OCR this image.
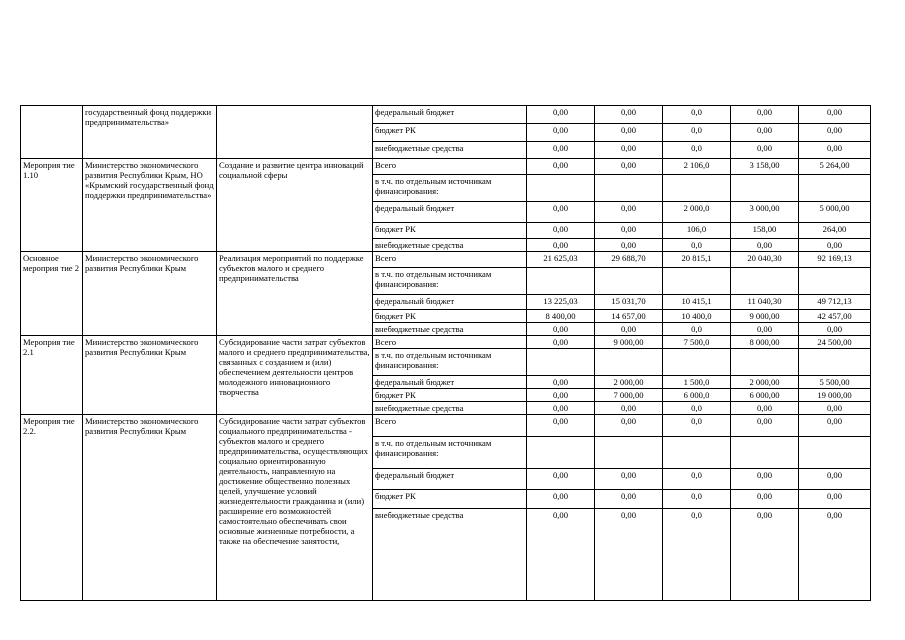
	государственный фонд поддержки предпринимательства»		федеральный бюджет	0,00	0,00	0,0	0,00	0,00
			бюджет РК	0,00	0,00	0,0	0,00	0,00
			внебюджетные средства	0,00	0,00	0,0	0,00	0,00
Мероприя тие 1.10	Министерство экономического развития Республики Крым, НО «Крымский государственный фонд поддержки предпринимательства»	Создание и развитие центра инноваций социальной сферы	Всего	0,00	0,00	2 106,0	3 158,00	5 264,00
			в т.ч. по отдельным источникам финансирования:					
			федеральный бюджет	0,00	0,00	2 000,0	3 000,00	5 000,00
			бюджет РК	0,00	0,00	106,0	158,00	264,00
			внебюджетные средства	0,00	0,00	0,0	0,00	0,00
Основное мероприя тие 2	Министерство экономического развития Республики Крым	Реализация мероприятий по поддержке субъектов малого и среднего предпринимательства	Всего	21 625,03	29 688,70	20 815,1	20 040,30	92 169,13
			в т.ч. по отдельным источникам финансирования:					
			федеральный бюджет	13 225,03	15 031,70	10 415,1	11 040,30	49 712,13
			бюджет РК	8 400,00	14 657,00	10 400,0	9 000,00	42 457,00
			внебюджетные средства	0,00	0,00	0,0	0,00	0,00
Мероприя тие 2.1	Министерство экономического развития Республики Крым	Субсидирование части затрат субъектов малого и среднего предпринимательства, связанных с созданием и (или) обеспечением деятельности центров молодежного инновационного творчества	Всего	0,00	9 000,00	7 500,0	8 000,00	24 500,00
			в т.ч. по отдельным источникам финансирования:					
			федеральный бюджет	0,00	2 000,00	1 500,0	2 000,00	5 500,00
			бюджет РК	0,00	7 000,00	6 000,0	6 000,00	19 000,00
			внебюджетные средства	0,00	0,00	0,0	0,00	0,00
Мероприя тие 2.2.	Министерство экономического развития Республики Крым	Субсидирование части затрат субъектов социального предпринимательства - субъектов малого и среднего предпринимательства, осуществляющих социально ориентированную деятельность, направленную на достижение общественно полезных целей, улучшение условий жизнедеятельности гражданина и (или) расширение его возможностей самостоятельно обеспечивать свои основные жизненные потребности, а также на обеспечение занятости,	Всего	0,00	0,00	0,0	0,00	0,00
			в т.ч. по отдельным источникам финансирования:					
			федеральный бюджет	0,00	0,00	0,0	0,00	0,00
			бюджет РК	0,00	0,00	0,0	0,00	0,00
			внебюджетные средства	0,00	0,00	0,0	0,00	0,00
